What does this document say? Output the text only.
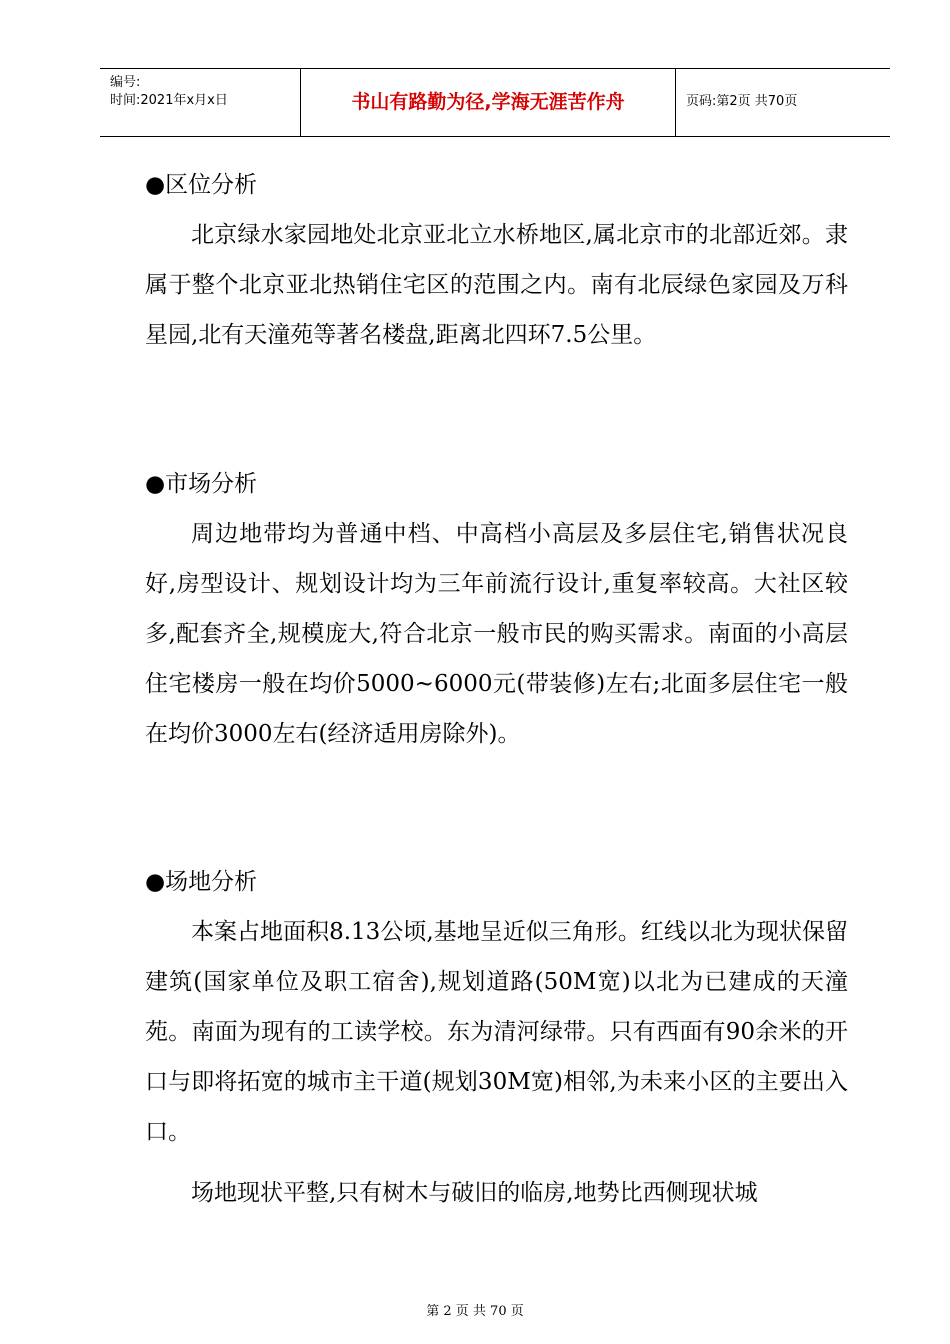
编号:
时间:2021年x月x日	书山有路勤为径,学海无涯苦作舟	页码:第2页 共70页
●区位分析
北京绿水家园地处北京亚北立水桥地区,属北京市的北部近郊。隶属于整个北京亚北热销住宅区的范围之内。南有北辰绿色家园及万科星园,北有天潼苑等著名楼盘,距离北四环7.5公里。
●市场分析
周边地带均为普通中档、中高档小高层及多层住宅,销售状况良好,房型设计、规划设计均为三年前流行设计,重复率较高。大社区较多,配套齐全,规模庞大,符合北京一般市民的购买需求。南面的小高层住宅楼房一般在均价5000~6000元(带装修)左右;北面多层住宅一般在均价3000左右(经济适用房除外)。
●场地分析
本案占地面积8.13公顷,基地呈近似三角形。红线以北为现状保留建筑(国家单位及职工宿舍),规划道路(50M宽)以北为已建成的天潼苑。南面为现有的工读学校。东为清河绿带。只有西面有90余米的开口与即将拓宽的城市主干道(规划30M宽)相邻,为未来小区的主要出入口。
场地现状平整,只有树木与破旧的临房,地势比西侧现状城
第 2 页 共 70 页
